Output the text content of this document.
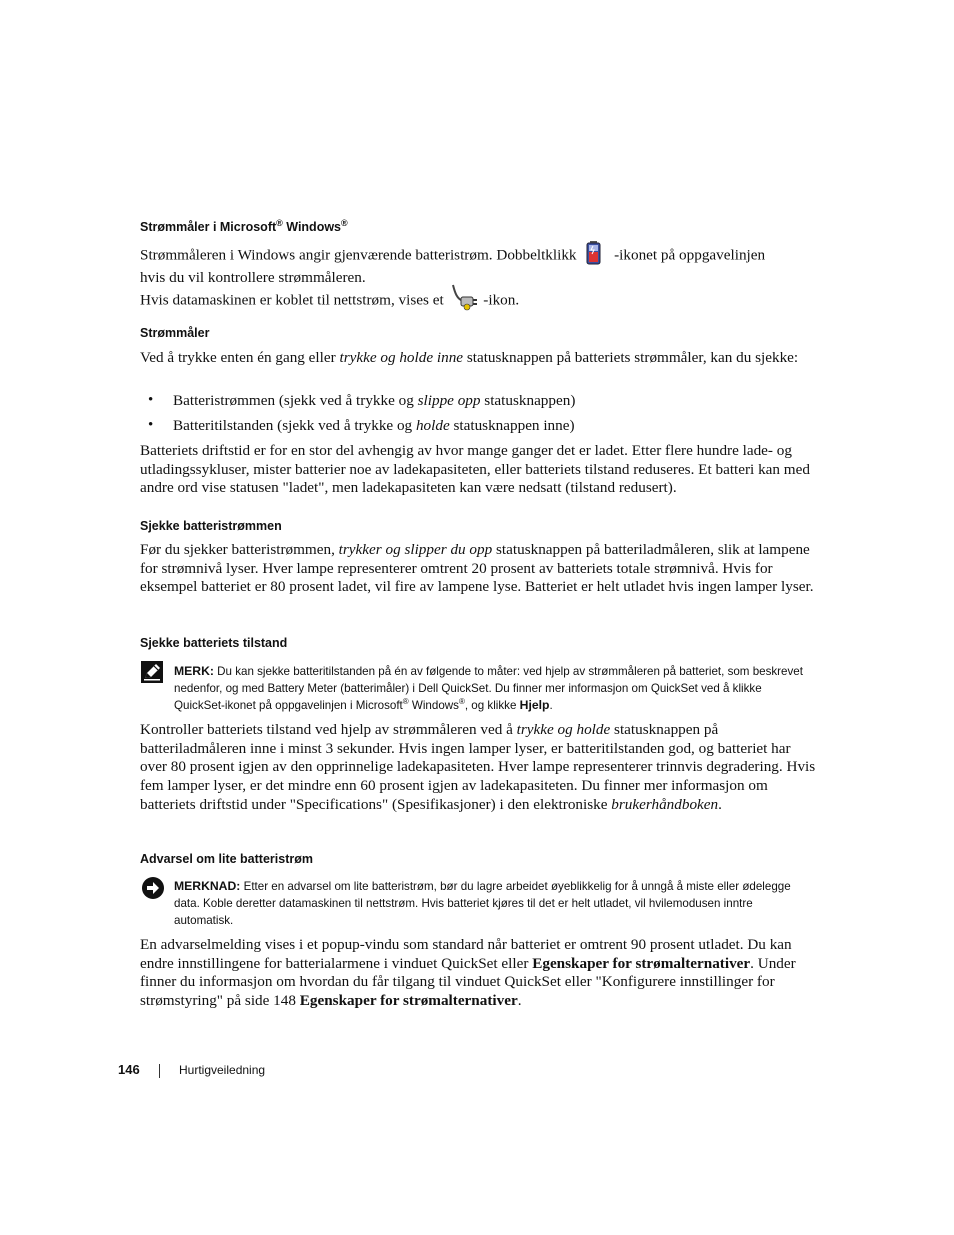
Strømmåler i Microsoft® Windows®
Strømmåleren i Windows angir gjenværende batteristrøm. Dobbeltklikk -ikonet på oppgavelinjen
hvis du vil kontrollere strømmåleren.
Hvis datamaskinen er koblet til nettstrøm, vises et	-ikon.
Strømmåler
Ved å trykke enten én gang eller trykke og holde inne statusknappen på batteriets strømmåler, kan du sjekke:
• Batteristrømmen (sjekk ved å trykke og slippe opp statusknappen)
• Batteritilstanden (sjekk ved å trykke og holde statusknappen inne)
Batteriets driftstid er for en stor del avhengig av hvor mange ganger det er ladet. Etter flere hundre lade- og utladingssykluser, mister batterier noe av ladekapasiteten, eller batteriets tilstand reduseres. Et batteri kan med andre ord vise statusen "ladet", men ladekapasiteten kan være nedsatt (tilstand redusert).
Sjekke batteristrømmen
Før du sjekker batteristrømmen, trykker og slipper du opp statusknappen på batteriladmåleren, slik at lampene for strømnivå lyser. Hver lampe representerer omtrent 20 prosent av batteriets totale strømnivå. Hvis for eksempel batteriet er 80 prosent ladet, vil fire av lampene lyse. Batteriet er helt utladet hvis ingen lamper lyser.
Sjekke batteriets tilstand
MERK: Du kan sjekke batteritilstanden på én av følgende to måter: ved hjelp av strømmåleren på batteriet, som beskrevet nedenfor, og med Battery Meter (batterimåler) i Dell QuickSet. Du finner mer informasjon om QuickSet ved å klikke QuickSet-ikonet på oppgavelinjen i Microsoft® Windows®, og klikke Hjelp.
Kontroller batteriets tilstand ved hjelp av strømmåleren ved å trykke og holde statusknappen på batteriladmåleren inne i minst 3 sekunder. Hvis ingen lamper lyser, er batteritilstanden god, og batteriet har over 80 prosent igjen av den opprinnelige ladekapasiteten. Hver lampe representerer trinnvis degradering. Hvis fem lamper lyser, er det mindre enn 60 prosent igjen av ladekapasiteten. Du finner mer informasjon om batteriets driftstid under "Specifications" (Spesifikasjoner) i den elektroniske brukerhåndboken.
Advarsel om lite batteristrøm
MERKNAD: Etter en advarsel om lite batteristrøm, bør du lagre arbeidet øyeblikkelig for å unngå å miste eller ødelegge data. Koble deretter datamaskinen til nettstrøm. Hvis batteriet kjøres til det er helt utladet, vil hvilemodusen inntre automatisk.
En advarselmelding vises i et popup-vindu som standard når batteriet er omtrent 90 prosent utladet. Du kan endre innstillingene for batterialarmene i vinduet QuickSet eller Egenskaper for strømalternativer. Under finner du informasjon om hvordan du får tilgang til vinduet QuickSet eller "Konfigurere innstillinger for strømstyring" på side 148 Egenskaper for strømalternativer.
146	Hurtigveiledning
